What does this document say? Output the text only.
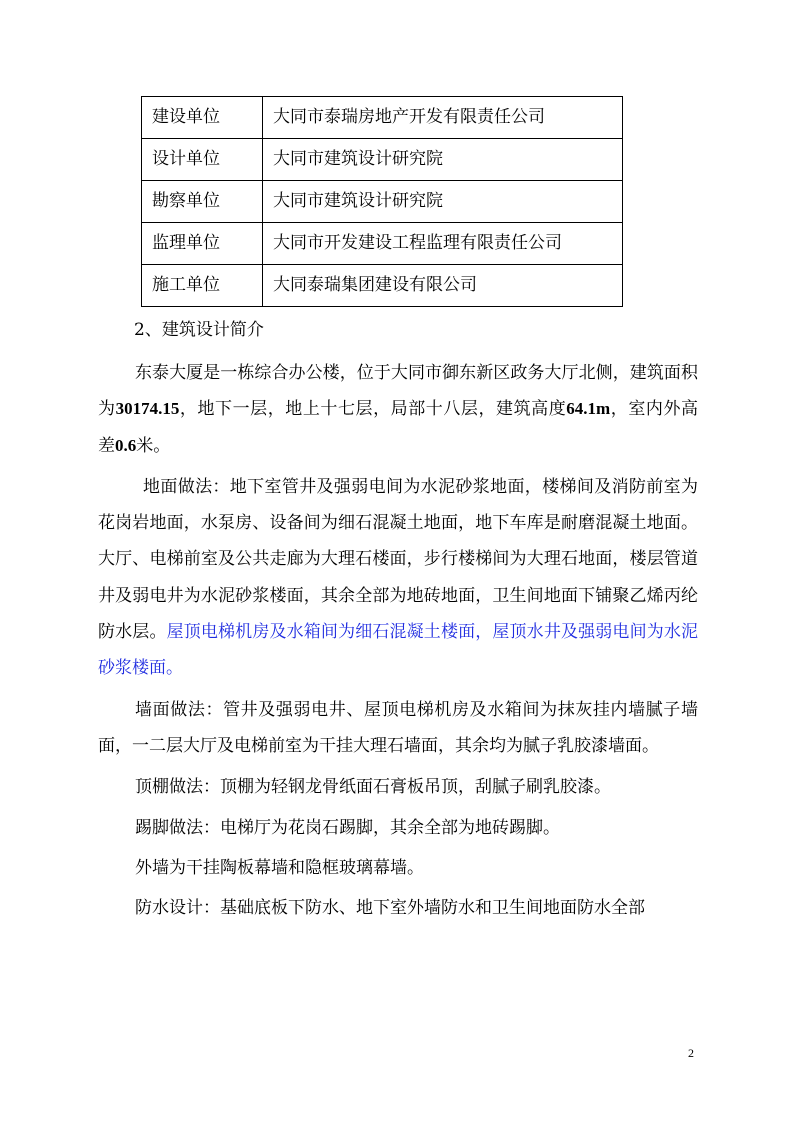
建设单位	大同市泰瑞房地产开发有限责任公司
设计单位	大同市建筑设计研究院
勘察单位	大同市建筑设计研究院
监理单位	大同市开发建设工程监理有限责任公司
施工单位	大同泰瑞集团建设有限公司
2、建筑设计简介

东泰大厦是一栋综合办公楼，位于大同市御东新区政务大厅北侧，建筑面积为30174.15，地下一层，地上十七层，局部十八层，建筑高度64.1m，室内外高差0.6米。

地面做法：地下室管井及强弱电间为水泥砂浆地面，楼梯间及消防前室为花岗岩地面，水泵房、设备间为细石混凝土地面，地下车库是耐磨混凝土地面。大厅、电梯前室及公共走廊为大理石楼面，步行楼梯间为大理石地面，楼层管道井及弱电井为水泥砂浆楼面，其余全部为地砖地面，卫生间地面下铺聚乙烯丙纶防水层。屋顶电梯机房及水箱间为细石混凝土楼面，屋顶水井及强弱电间为水泥砂浆楼面。

墙面做法：管井及强弱电井、屋顶电梯机房及水箱间为抹灰挂内墙腻子墙面，一二层大厅及电梯前室为干挂大理石墙面，其余均为腻子乳胶漆墙面。

顶棚做法：顶棚为轻钢龙骨纸面石膏板吊顶，刮腻子刷乳胶漆。

踢脚做法：电梯厅为花岗石踢脚，其余全部为地砖踢脚。

外墙为干挂陶板幕墙和隐框玻璃幕墙。

防水设计：基础底板下防水、地下室外墙防水和卫生间地面防水全部

2
